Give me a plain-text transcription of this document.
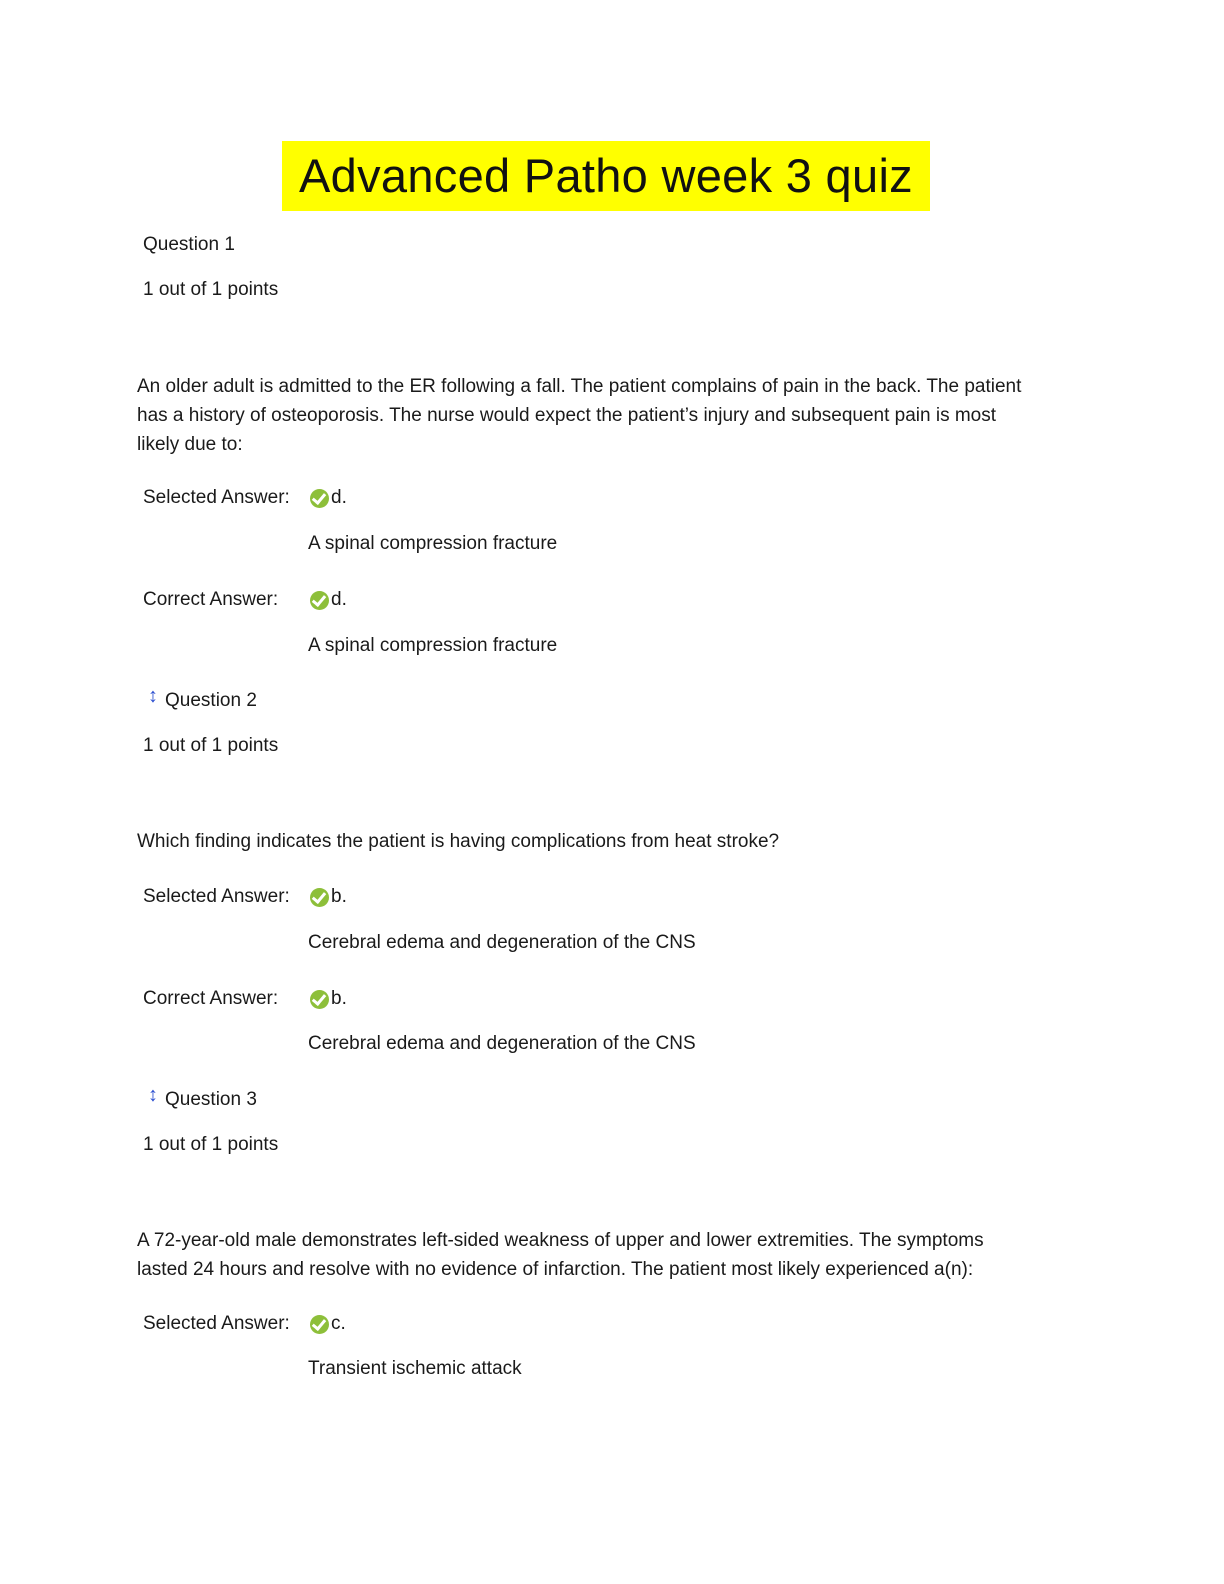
Advanced Patho week 3 quiz
Question 1
1 out of 1 points
An older adult is admitted to the ER following a fall. The patient complains of pain in the back. The patient has a history of osteoporosis. The nurse would expect the patient’s injury and subsequent pain is most likely due to:
Selected Answer: d.
A spinal compression fracture
Correct Answer:	d.
A spinal compression fracture
↕ Question 2
1 out of 1 points
Which finding indicates the patient is having complications from heat stroke?
Selected Answer: b.
Cerebral edema and degeneration of the CNS
Correct Answer:	b.
Cerebral edema and degeneration of the CNS
↕ Question 3
1 out of 1 points
A 72-year-old male demonstrates left-sided weakness of upper and lower extremities. The symptoms lasted 24 hours and resolve with no evidence of infarction. The patient most likely experienced a(n):
Selected Answer: c.
Transient ischemic attack
